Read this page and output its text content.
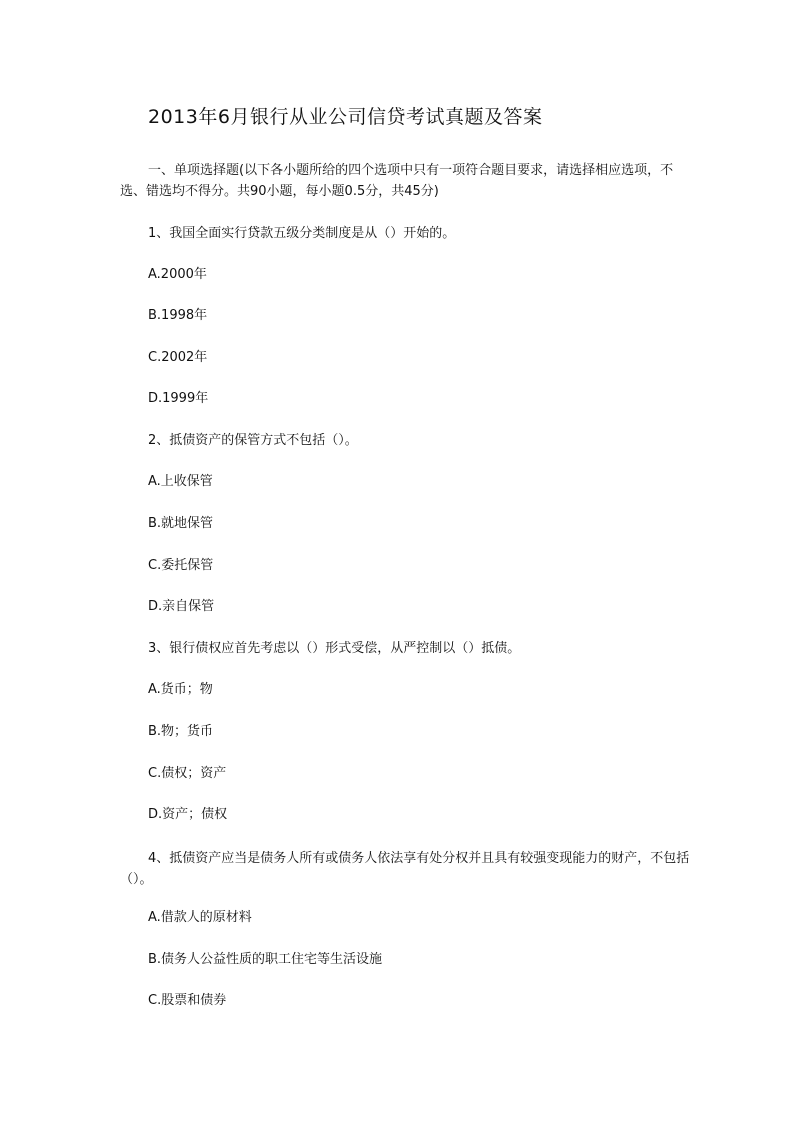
2013年6月银行从业公司信贷考试真题及答案

一、单项选择题(以下各小题所给的四个选项中只有一项符合题目要求，请选择相应选项，不选、错选均不得分。共90小题，每小题0.5分，共45分)

1、我国全面实行贷款五级分类制度是从（）开始的。

A.2000年

B.1998年

C.2002年

D.1999年

2、抵债资产的保管方式不包括（）。

A.上收保管

B.就地保管

C.委托保管

D.亲自保管

3、银行债权应首先考虑以（）形式受偿，从严控制以（）抵债。

A.货币；物

B.物；货币

C.债权；资产

D.资产；债权

4、抵债资产应当是债务人所有或债务人依法享有处分权并且具有较强变现能力的财产，不包括（）。

A.借款人的原材料

B.债务人公益性质的职工住宅等生活设施

C.股票和债券
